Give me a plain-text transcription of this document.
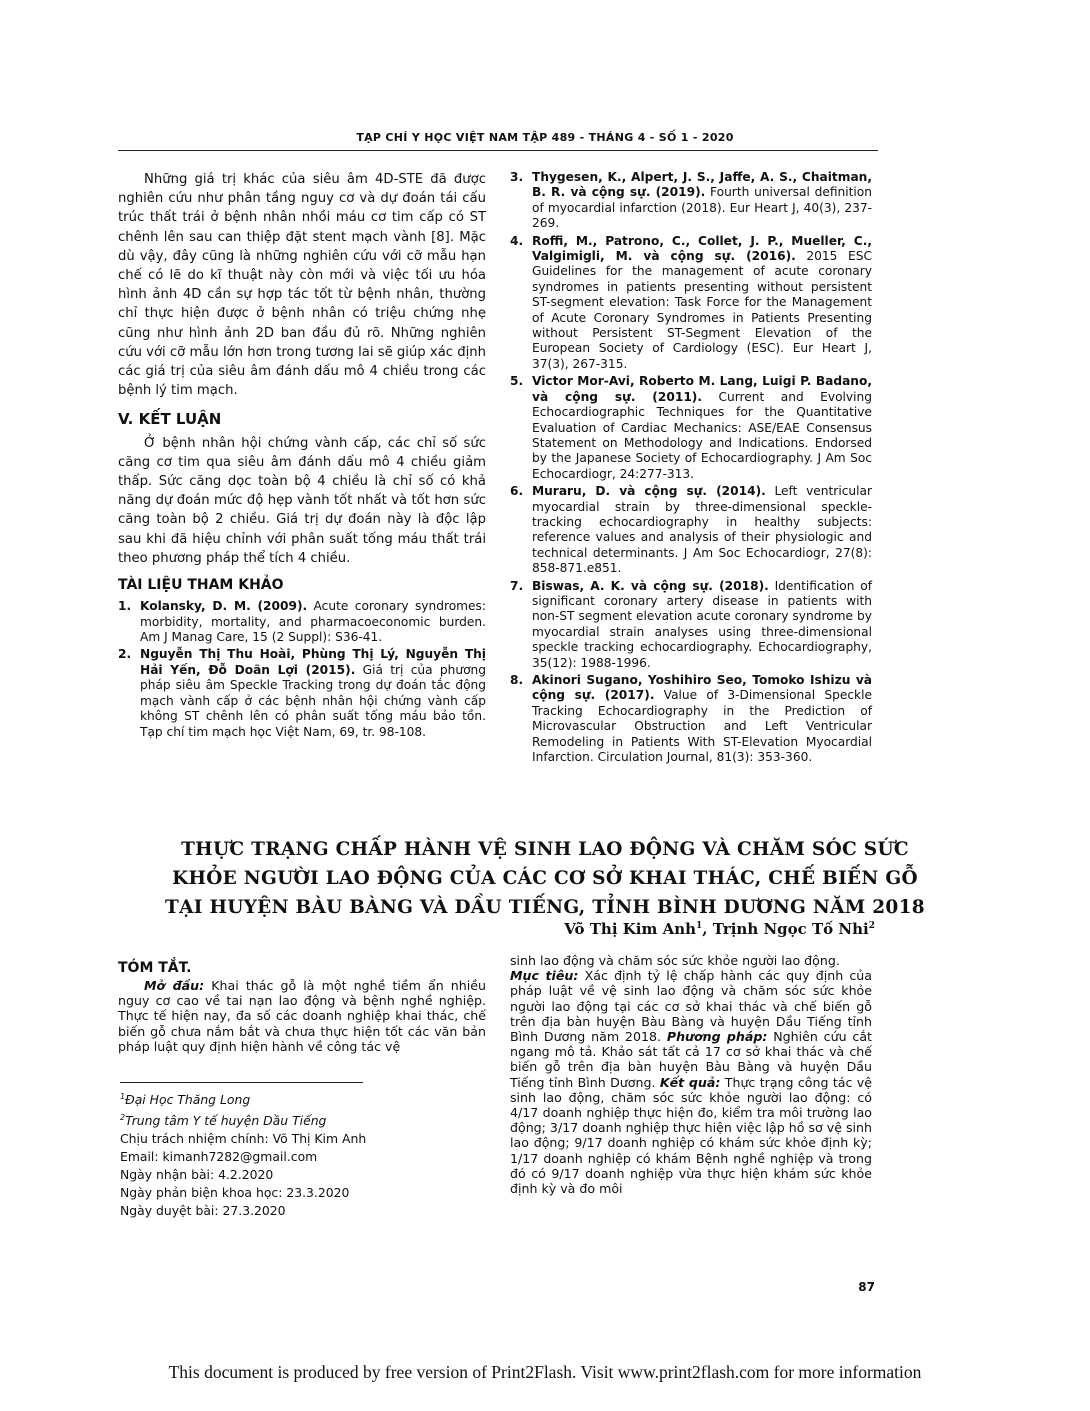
TẠP CHÍ Y HỌC VIỆT NAM TẬP 489 - THÁNG 4 - SỐ 1 - 2020

Những giá trị khác của siêu âm 4D-STE đã được nghiên cứu như phân tầng nguy cơ và dự đoán tái cấu trúc thất trái ở bệnh nhân nhồi máu cơ tim cấp có ST chênh lên sau can thiệp đặt stent mạch vành [8]. Mặc dù vậy, đây cũng là những nghiên cứu với cỡ mẫu hạn chế có lẽ do kĩ thuật này còn mới và việc tối ưu hóa hình ảnh 4D cần sự hợp tác tốt từ bệnh nhân, thường chỉ thực hiện được ở bệnh nhân có triệu chứng nhẹ cũng như hình ảnh 2D ban đầu đủ rõ. Những nghiên cứu với cỡ mẫu lớn hơn trong tương lai sẽ giúp xác định các giá trị của siêu âm đánh dấu mô 4 chiều trong các bệnh lý tim mạch.

V. KẾT LUẬN

Ở bệnh nhân hội chứng vành cấp, các chỉ số sức căng cơ tim qua siêu âm đánh dấu mô 4 chiều giảm thấp. Sức căng dọc toàn bộ 4 chiều là chỉ số có khả năng dự đoán mức độ hẹp vành tốt nhất và tốt hơn sức căng toàn bộ 2 chiều. Giá trị dự đoán này là độc lập sau khi đã hiệu chỉnh với phân suất tống máu thất trái theo phương pháp thể tích 4 chiều.

TÀI LIỆU THAM KHẢO
1. Kolansky, D. M. (2009). Acute coronary syndromes: morbidity, mortality, and pharmacoeconomic burden. Am J Manag Care, 15 (2 Suppl): S36-41.
2. Nguyễn Thị Thu Hoài, Phùng Thị Lý, Nguyễn Thị Hải Yến, Đỗ Doãn Lợi (2015). Giá trị của phương pháp siêu âm Speckle Tracking trong dự đoán tắc động mạch vành cấp ở các bệnh nhân hội chứng vành cấp không ST chênh lên có phân suất tống máu bảo tồn. Tạp chí tim mạch học Việt Nam, 69, tr. 98-108.
3. Thygesen, K., Alpert, J. S., Jaffe, A. S., Chaitman, B. R. và cộng sự. (2019). Fourth universal definition of myocardial infarction (2018). Eur Heart J, 40(3), 237-269.
4. Roffi, M., Patrono, C., Collet, J. P., Mueller, C., Valgimigli, M. và cộng sự. (2016). 2015 ESC Guidelines for the management of acute coronary syndromes in patients presenting without persistent ST-segment elevation: Task Force for the Management of Acute Coronary Syndromes in Patients Presenting without Persistent ST-Segment Elevation of the European Society of Cardiology (ESC). Eur Heart J, 37(3), 267-315.
5. Victor Mor-Avi, Roberto M. Lang, Luigi P. Badano, và cộng sự. (2011). Current and Evolving Echocardiographic Techniques for the Quantitative Evaluation of Cardiac Mechanics: ASE/EAE Consensus Statement on Methodology and Indications. Endorsed by the Japanese Society of Echocardiography. J Am Soc Echocardiogr, 24:277-313.
6. Muraru, D. và cộng sự. (2014). Left ventricular myocardial strain by three-dimensional speckle-tracking echocardiography in healthy subjects: reference values and analysis of their physiologic and technical determinants. J Am Soc Echocardiogr, 27(8): 858-871.e851.
7. Biswas, A. K. và cộng sự. (2018). Identification of significant coronary artery disease in patients with non-ST segment elevation acute coronary syndrome by myocardial strain analyses using three-dimensional speckle tracking echocardiography. Echocardiography, 35(12): 1988-1996.
8. Akinori Sugano, Yoshihiro Seo, Tomoko Ishizu và cộng sự. (2017). Value of 3-Dimensional Speckle Tracking Echocardiography in the Prediction of Microvascular Obstruction and Left Ventricular Remodeling in Patients With ST-Elevation Myocardial Infarction. Circulation Journal, 81(3): 353-360.
THỰC TRẠNG CHẤP HÀNH VỆ SINH LAO ĐỘNG VÀ CHĂM SÓC SỨC
KHỎE NGƯỜI LAO ĐỘNG CỦA CÁC CƠ SỞ KHAI THÁC, CHẾ BIẾN GỖ
TẠI HUYỆN BÀU BÀNG VÀ DẦU TIẾNG, TỈNH BÌNH DƯƠNG NĂM 2018
Võ Thị Kim Anh$^1$, Trịnh Ngọc Tố Nhi$^2$
TÓM TẮT.

Mở đầu: Khai thác gỗ là một nghề tiềm ẩn nhiều nguy cơ cao về tai nạn lao động và bệnh nghề nghiệp. Thực tế hiện nay, đa số các doanh nghiệp khai thác, chế biến gỗ chưa nắm bắt và chưa thực hiện tốt các văn bản pháp luật quy định hiện hành về công tác vệ

$^1$Đại Học Thăng Long
$^2$Trung tâm Y tế huyện Dầu Tiếng
Chịu trách nhiệm chính: Võ Thị Kim Anh
Email: kimanh7282@gmail.com
Ngày nhận bài: 4.2.2020
Ngày phản biện khoa học: 23.3.2020
Ngày duyệt bài: 27.3.2020

sinh lao động và chăm sóc sức khỏe người lao động.

Mục tiêu: Xác định tỷ lệ chấp hành các quy định của pháp luật về vệ sinh lao động và chăm sóc sức khỏe người lao động tại các cơ sở khai thác và chế biến gỗ trên địa bàn huyện Bàu Bàng và huyện Dầu Tiếng tỉnh Bình Dương năm 2018. Phương pháp: Nghiên cứu cắt ngang mô tả. Khảo sát tất cả 17 cơ sở khai thác và chế biến gỗ trên địa bàn huyện Bàu Bàng và huyện Dầu Tiếng tỉnh Bình Dương. Kết quả: Thực trạng công tác vệ sinh lao động, chăm sóc sức khỏe người lao động: có 4/17 doanh nghiệp thực hiện đo, kiểm tra môi trường lao động; 3/17 doanh nghiệp thực hiện việc lập hồ sơ vệ sinh lao động; 9/17 doanh nghiệp có khám sức khỏe định kỳ; 1/17 doanh nghiệp có khám Bệnh nghề nghiệp và trong đó có 9/17 doanh nghiệp vừa thực hiện khám sức khỏe định kỳ và đo môi

87
This document is produced by free version of Print2Flash. Visit www.print2flash.com for more information
